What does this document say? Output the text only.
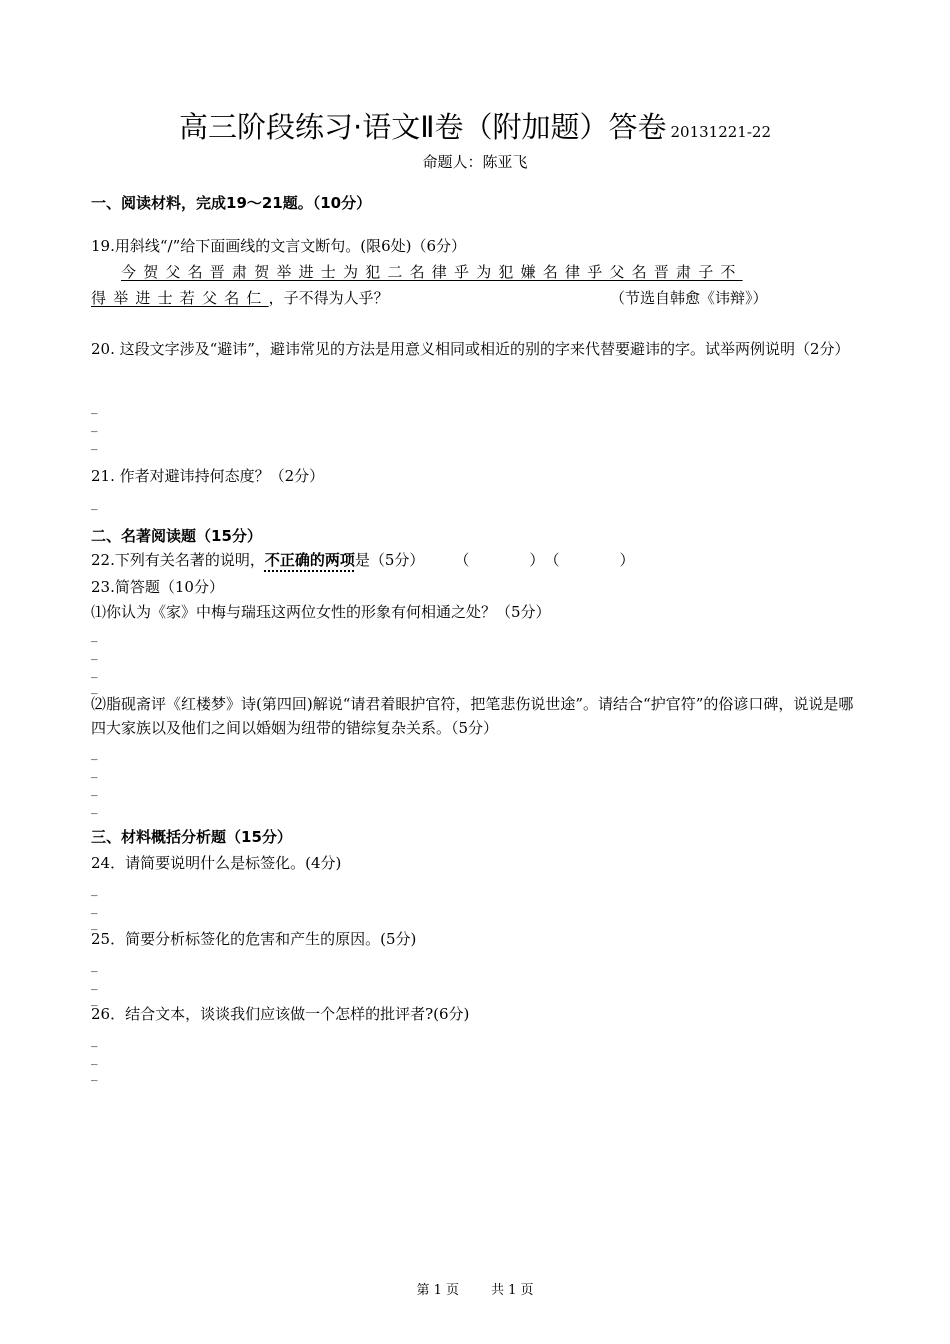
高三阶段练习·语文Ⅱ卷（附加题）答卷 20131221-22
命题人：陈亚飞
一、阅读材料，完成19～21题。（10分）
19.用斜线“/”给下面画线的文言文断句。(限6处)（6分）
今贺父名晋肃贺举进士为犯二名律乎为犯嫌名律乎父名晋肃子不
得举进士若父名仁，子不得为人乎？	（节选自韩愈《讳辩》）
20. 这段文字涉及“避讳”，避讳常见的方法是用意义相同或相近的别的字来代替要避讳的字。试举两例说明（2分）
_
_
_
21. 作者对避讳持何态度？（2分）
_
二、名著阅读题（15分）
22.下列有关名著的说明，不正确的两项是（5分） （　　　　）（　　　　）
23.简答题（10分）
⑴你认为《家》中梅与瑞珏这两位女性的形象有何相通之处？（5分）
_
_
_
_
⑵脂砚斋评《红楼梦》诗(第四回)解说“请君着眼护官符，把笔悲伤说世途”。请结合“护官符”的俗谚口碑，说说是哪四大家族以及他们之间以婚姻为纽带的错综复杂关系。（5分）
_
_
_
_
三、材料概括分析题（15分）
24．请简要说明什么是标签化。(4分)
_
_
_
25．简要分析标签化的危害和产生的原因。(5分)
_
_
_
26．结合文本，谈谈我们应该做一个怎样的批评者?(6分)
_
_
_
第 1 页 共 1 页
